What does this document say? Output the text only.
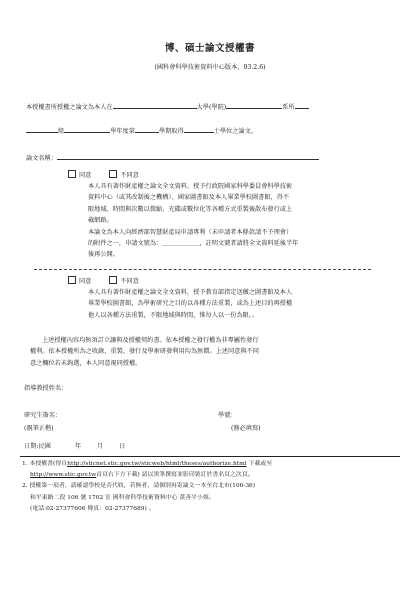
博、碩士論文授權書
(國科會科學技術資料中心版本，93.2.6)
本授權書所授權之論文為本人在	大學(學院)	系所
組	學年度第	學期取得	士學位之論文。
論文名稱：
同意	不同意
本人具有著作財產權之論文全文資料，授予行政院國家科學委員會科學技術
資料中心（或其改制後之機構）、國家圖書館及本人畢業學校圖書館，得不
限地域、時間與次數以微縮、光碟或數位化等各種方式重製後散布發行或上
載網路。
本論文為本人向經濟部智慧財產局申請專利（未申請者本條款請不予理會）
的附件之一，申請文號為：＿＿＿＿＿＿，註明文號者請將全文資料延後半年
後再公開。
同意	不同意
本人具有著作財產權之論文全文資料，授予教育部指定送繳之圖書館及本人
畢業學校圖書館，為學術研究之目的以各種方法重製，或為上述目的再授權
他人以各種方法重製，不限地域與時間，惟每人以一份為限。。
上述授權內容均無須訂立讓與及授權契約書。依本授權之發行權為非專屬性發行
權利。依本授權所為之收錄、重製、發行及學術研發利用均為無償。上述同意與不同
意之欄位若未鉤選，本人同意視同授權。
指導教授姓名：
研究生簽名：	學號：
(親筆正楷)	(務必填寫)
日期:民國	年	月	日
1. 本授權書(得自http://sticnet.stic.gov.tw/sticweb/html/theses/authorize.html 下載或至
http://www.stic.gov.tw首頁右下方下載) 請以黑筆撰寫並影印裝訂於書名頁之次頁。
2. 授權第一項者，請確認學校是否代收，若無者，請個別再寄論文一本至台北市(106-36)
和平東路二段 106 號 1702 室 國科會科學技術資料中心 黃善平小姐。
(電話:02-27377606 傳真：02-27377689) 。
